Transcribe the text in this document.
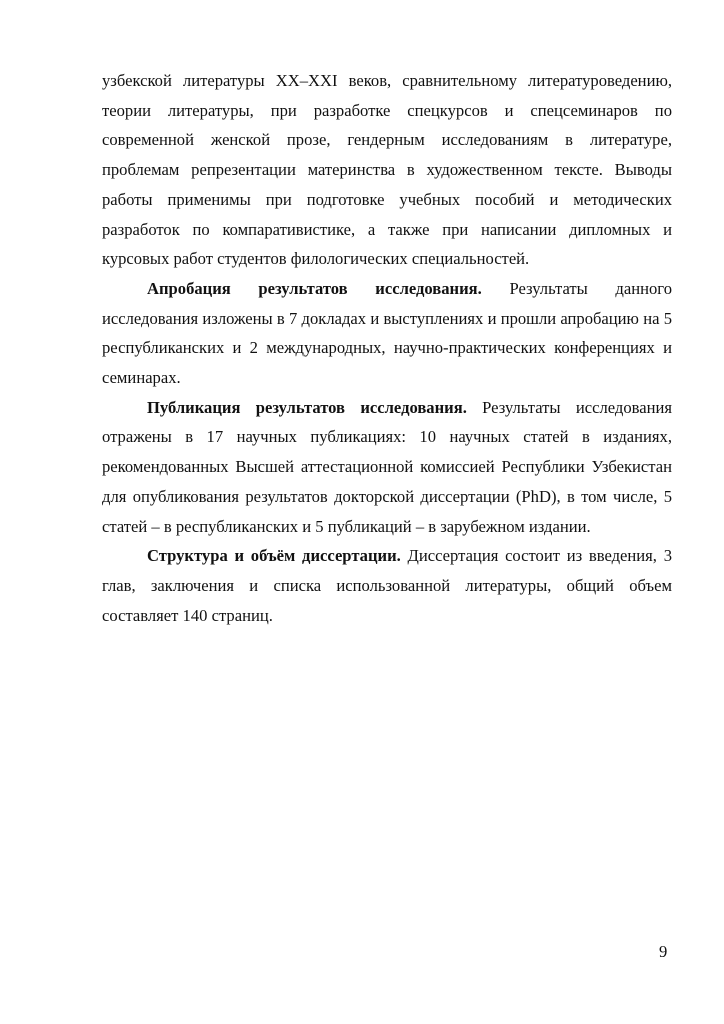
узбекской литературы XX–XXI веков, сравнительному литературоведению, теории литературы, при разработке спецкурсов и спецсеминаров по современной женской прозе, гендерным исследованиям в литературе, проблемам репрезентации материнства в художественном тексте. Выводы работы применимы при подготовке учебных пособий и методических разработок по компаративистике, а также при написании дипломных и курсовых работ студентов филологических специальностей.

Апробация результатов исследования. Результаты данного исследования изложены в 7 докладах и выступлениях и прошли апробацию на 5 республиканских и 2 международных, научно-практических конференциях и семинарах.

Публикация результатов исследования. Результаты исследования отражены в 17 научных публикациях: 10 научных статей в изданиях, рекомендованных Высшей аттестационной комиссией Республики Узбекистан для опубликования результатов докторской диссертации (PhD), в том числе, 5 статей – в республиканских и 5 публикаций – в зарубежном издании.

Структура и объём диссертации. Диссертация состоит из введения, 3 глав, заключения и списка использованной литературы, общий объем составляет 140 страниц.

9
